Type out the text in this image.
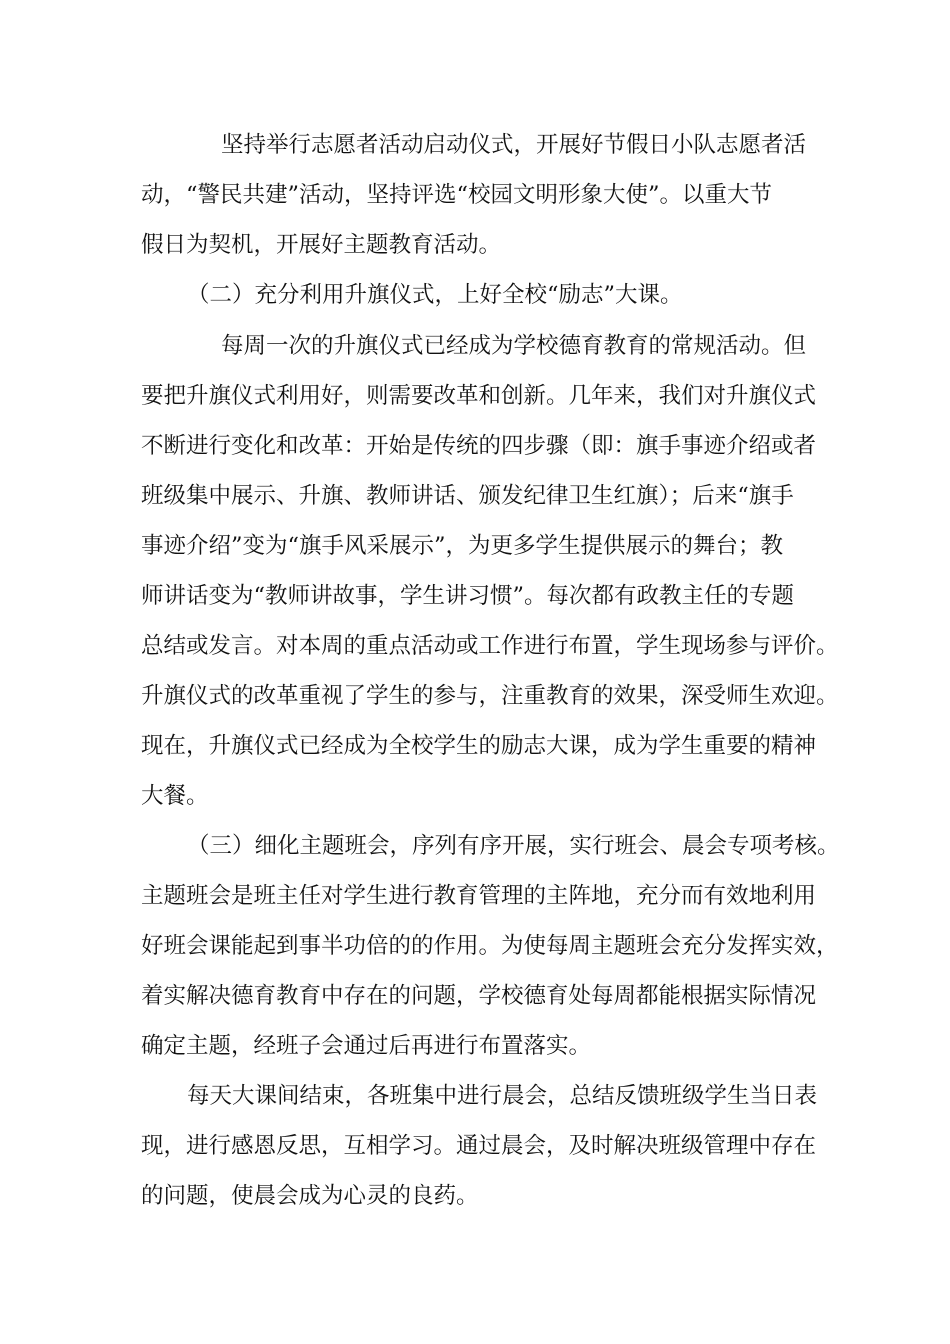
坚持举行志愿者活动启动仪式，开展好节假日小队志愿者活
动，“警民共建”活动，坚持评选“校园文明形象大使”。以重大节
假日为契机，开展好主题教育活动。
（二）充分利用升旗仪式，上好全校“励志”大课。
每周一次的升旗仪式已经成为学校德育教育的常规活动。但
要把升旗仪式利用好，则需要改革和创新。几年来，我们对升旗仪式
不断进行变化和改革：开始是传统的四步骤（即：旗手事迹介绍或者
班级集中展示、升旗、教师讲话、颁发纪律卫生红旗）；后来“旗手
事迹介绍”变为“旗手风采展示”，为更多学生提供展示的舞台；教
师讲话变为“教师讲故事，学生讲习惯”。每次都有政教主任的专题
总结或发言。对本周的重点活动或工作进行布置，学生现场参与评价。
升旗仪式的改革重视了学生的参与，注重教育的效果，深受师生欢迎。
现在，升旗仪式已经成为全校学生的励志大课，成为学生重要的精神
大餐。
（三）细化主题班会，序列有序开展，实行班会、晨会专项考核。
主题班会是班主任对学生进行教育管理的主阵地，充分而有效地利用
好班会课能起到事半功倍的的作用。为使每周主题班会充分发挥实效，
着实解决德育教育中存在的问题，学校德育处每周都能根据实际情况
确定主题，经班子会通过后再进行布置落实。
每天大课间结束，各班集中进行晨会，总结反馈班级学生当日表
现，进行感恩反思，互相学习。通过晨会，及时解决班级管理中存在
的问题，使晨会成为心灵的良药。
